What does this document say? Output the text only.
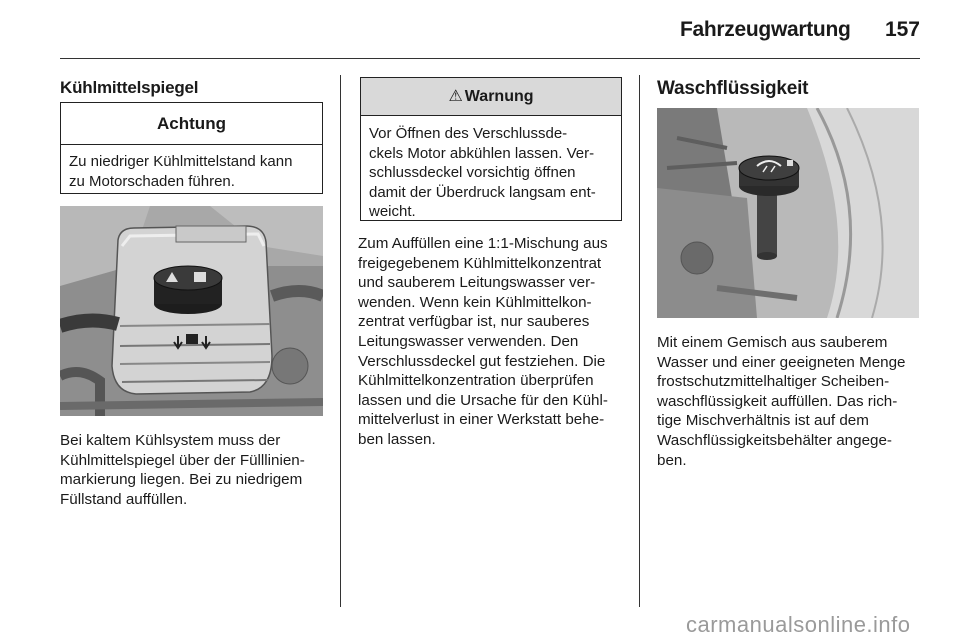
Fahrzeugwartung	157
Kühlmittelspiegel
Achtung
Zu niedriger Kühlmittelstand kann
zu Motorschaden führen.
Bei kaltem Kühlsystem muss der
Kühlmittelspiegel über der Fülllinien-
markierung liegen. Bei zu niedrigem
Füllstand auffüllen.
⚠ Warnung
Vor Öffnen des Verschlussde-
ckels Motor abkühlen lassen. Ver-
schlussdeckel vorsichtig öffnen
damit der Überdruck langsam ent-
weicht.
Zum Auffüllen eine 1:1-Mischung aus
freigegebenem Kühlmittelkonzentrat
und sauberem Leitungswasser ver-
wenden. Wenn kein Kühlmittelkon-
zentrat verfügbar ist, nur sauberes
Leitungswasser verwenden. Den
Verschlussdeckel gut festziehen. Die
Kühlmittelkonzentration überprüfen
lassen und die Ursache für den Kühl-
mittelverlust in einer Werkstatt behe-
ben lassen.
Waschflüssigkeit
Mit einem Gemisch aus sauberem
Wasser und einer geeigneten Menge
frostschutzmittelhaltiger Scheiben-
waschflüssigkeit auffüllen. Das rich-
tige Mischverhältnis ist auf dem
Waschflüssigkeitsbehälter angege-
ben.
carmanualsonline.info
